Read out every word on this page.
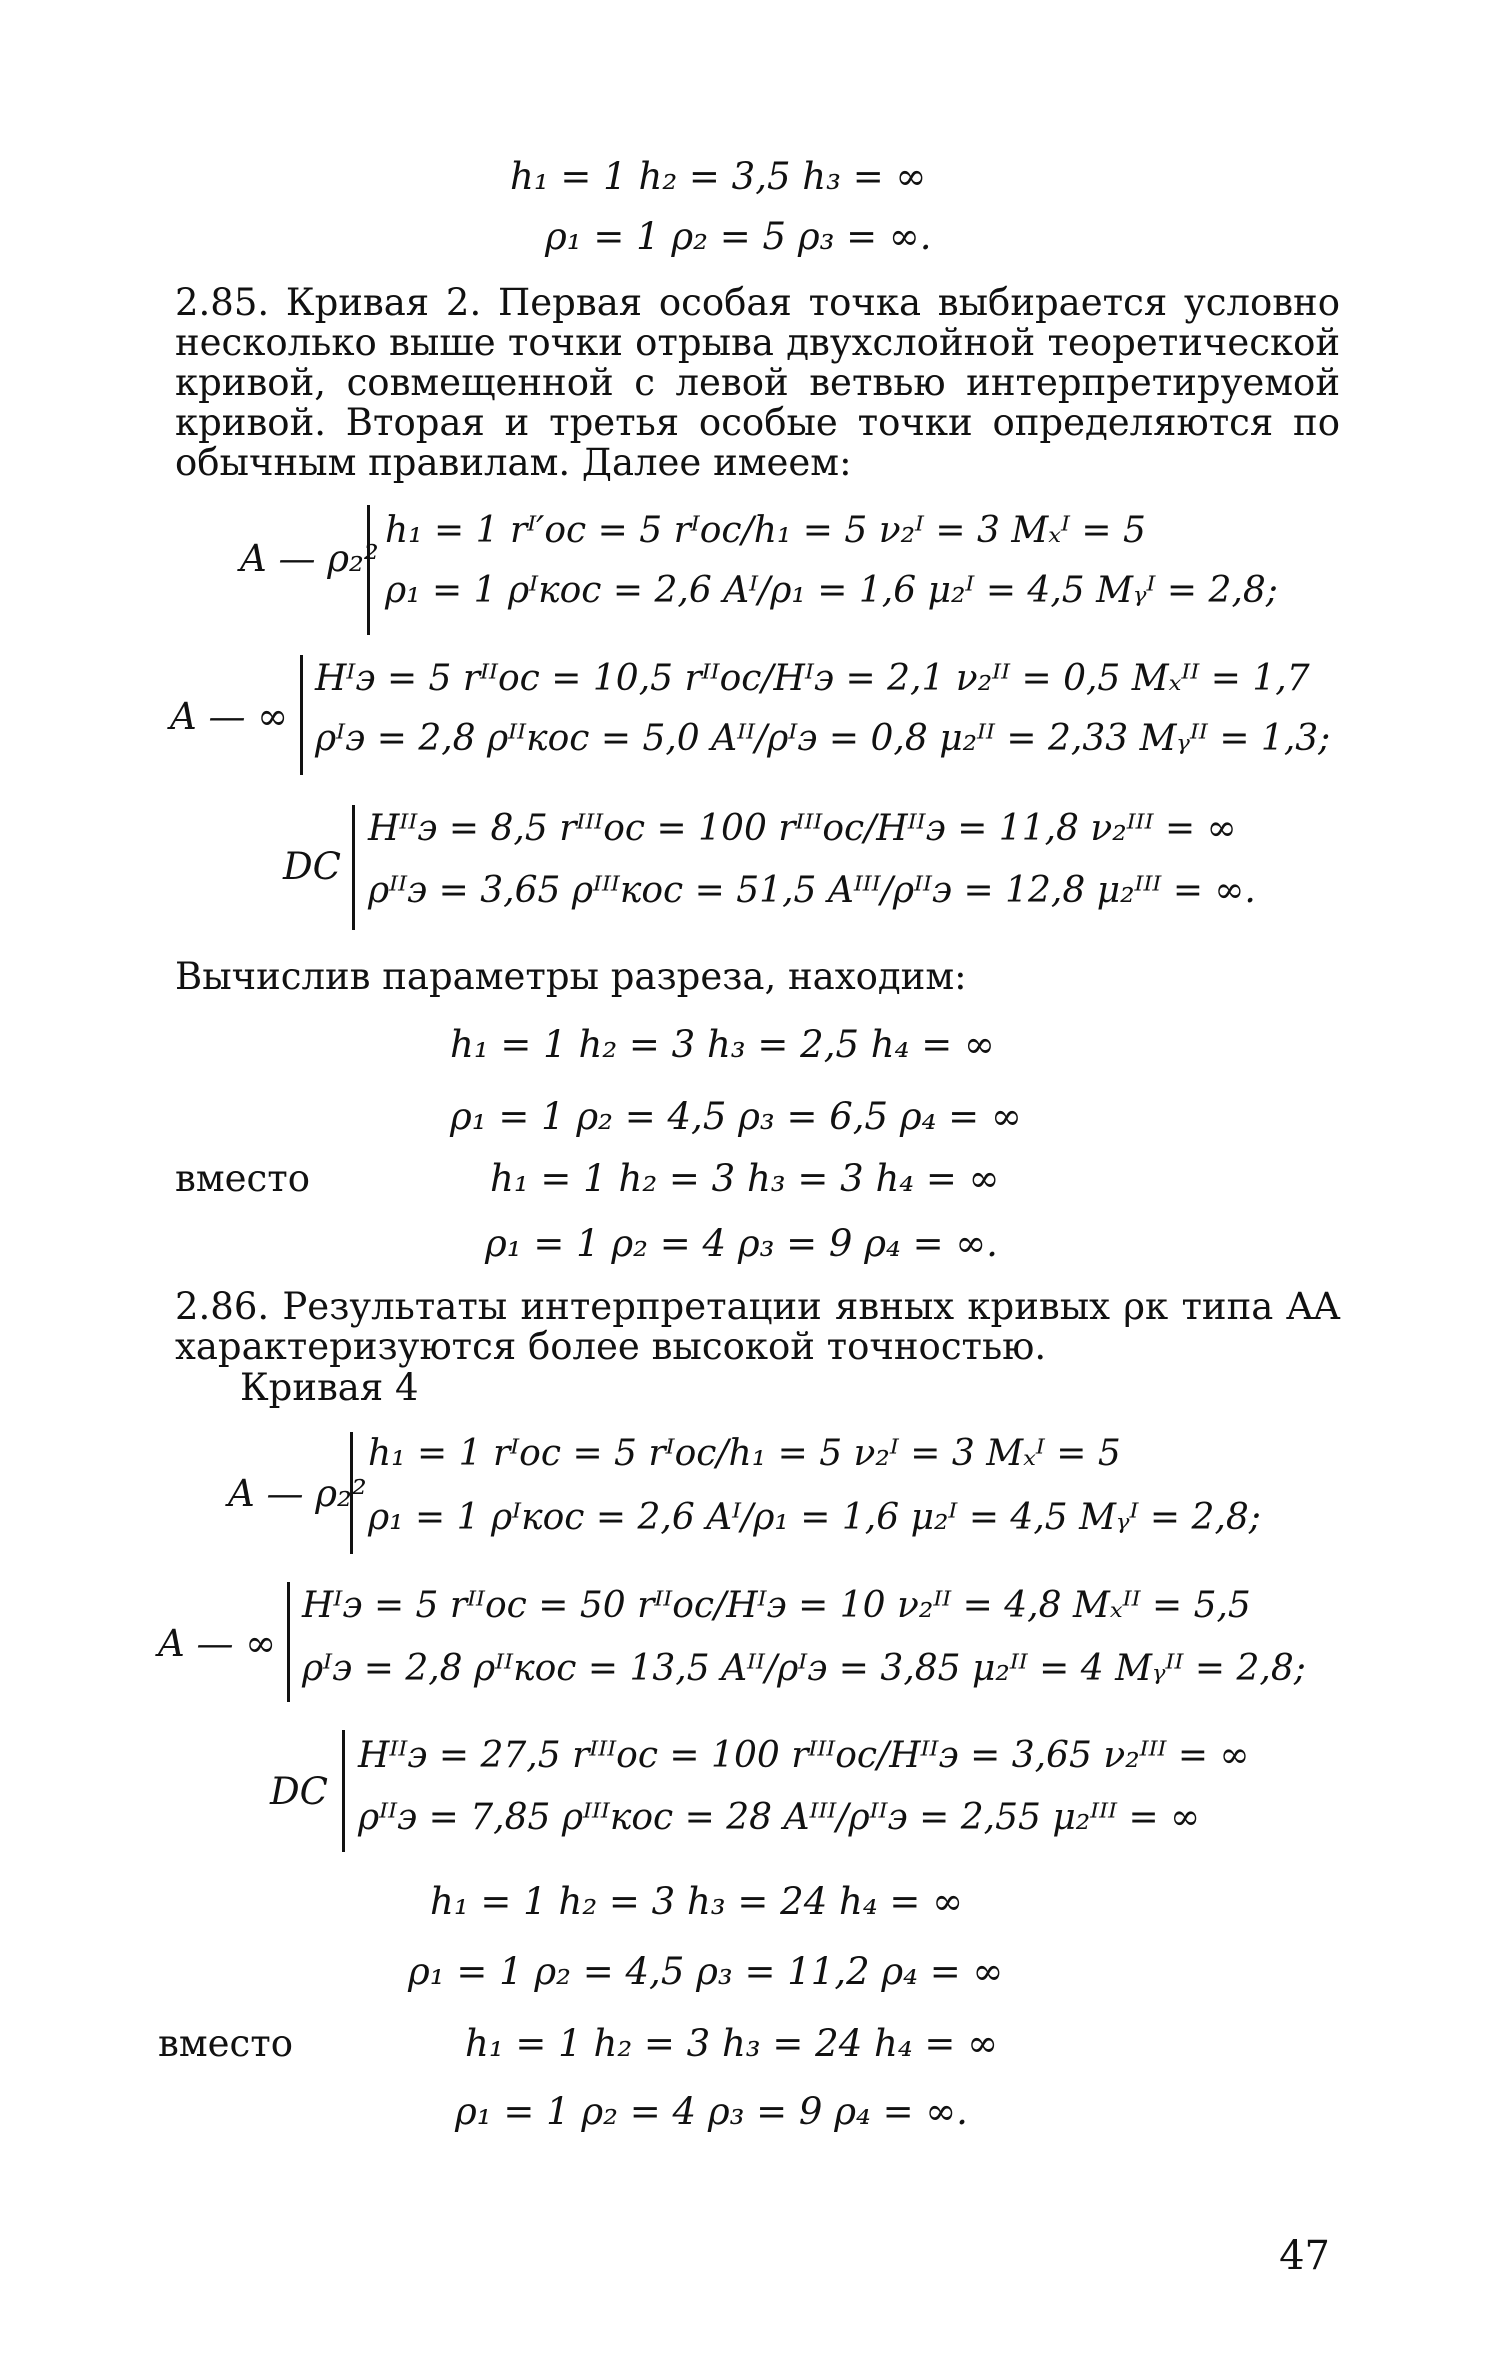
h₁ = 1 h₂ = 3,5 h₃ = ∞
ρ₁ = 1 ρ₂ = 5 ρ₃ = ∞.
2.85. Кривая 2. Первая особая точка выбирается условно несколько выше точки отрыва двухслойной теоретической кривой, совмещенной с левой ветвью интерпретируемой кривой. Вторая и третья особые точки определяются по обычным правилам. Далее имеем:
A — ρ₂²
h₁ = 1 rᴵ′ос = 5 rᴵос/h₁ = 5 ν₂ᴵ = 3 Mₓᴵ = 5
ρ₁ = 1 ρᴵкос = 2,6 Aᴵ/ρ₁ = 1,6 μ₂ᴵ = 4,5 Mᵧᴵ = 2,8;
A — ∞
Hᴵэ = 5 rᴵᴵос = 10,5 rᴵᴵос/Hᴵэ = 2,1 ν₂ᴵᴵ = 0,5 Mₓᴵᴵ = 1,7
ρᴵэ = 2,8 ρᴵᴵкос = 5,0 Aᴵᴵ/ρᴵэ = 0,8 μ₂ᴵᴵ = 2,33 Mᵧᴵᴵ = 1,3;
DC
Hᴵᴵэ = 8,5 rᴵᴵᴵос = 100 rᴵᴵᴵос/Hᴵᴵэ = 11,8 ν₂ᴵᴵᴵ = ∞
ρᴵᴵэ = 3,65 ρᴵᴵᴵкос = 51,5 Aᴵᴵᴵ/ρᴵᴵэ = 12,8 μ₂ᴵᴵᴵ = ∞.
Вычислив параметры разреза, находим:
h₁ = 1 h₂ = 3 h₃ = 2,5 h₄ = ∞
ρ₁ = 1 ρ₂ = 4,5 ρ₃ = 6,5 ρ₄ = ∞
вместо	h₁ = 1 h₂ = 3 h₃ = 3 h₄ = ∞
ρ₁ = 1 ρ₂ = 4 ρ₃ = 9 ρ₄ = ∞.
2.86. Результаты интерпретации явных кривых ρк типа AA характеризуются более высокой точностью.
Кривая 4
A — ρ₂²
h₁ = 1 rᴵос = 5 rᴵос/h₁ = 5 ν₂ᴵ = 3 Mₓᴵ = 5
ρ₁ = 1 ρᴵкос = 2,6 Aᴵ/ρ₁ = 1,6 μ₂ᴵ = 4,5 Mᵧᴵ = 2,8;
A — ∞
Hᴵэ = 5 rᴵᴵос = 50 rᴵᴵос/Hᴵэ = 10 ν₂ᴵᴵ = 4,8 Mₓᴵᴵ = 5,5
ρᴵэ = 2,8 ρᴵᴵкос = 13,5 Aᴵᴵ/ρᴵэ = 3,85 μ₂ᴵᴵ = 4 Mᵧᴵᴵ = 2,8;
DC
Hᴵᴵэ = 27,5 rᴵᴵᴵос = 100 rᴵᴵᴵос/Hᴵᴵэ = 3,65 ν₂ᴵᴵᴵ = ∞
ρᴵᴵэ = 7,85 ρᴵᴵᴵкос = 28 Aᴵᴵᴵ/ρᴵᴵэ = 2,55 μ₂ᴵᴵᴵ = ∞
h₁ = 1 h₂ = 3 h₃ = 24 h₄ = ∞
ρ₁ = 1 ρ₂ = 4,5 ρ₃ = 11,2 ρ₄ = ∞
вместо	h₁ = 1 h₂ = 3 h₃ = 24 h₄ = ∞
ρ₁ = 1 ρ₂ = 4 ρ₃ = 9 ρ₄ = ∞.
47
